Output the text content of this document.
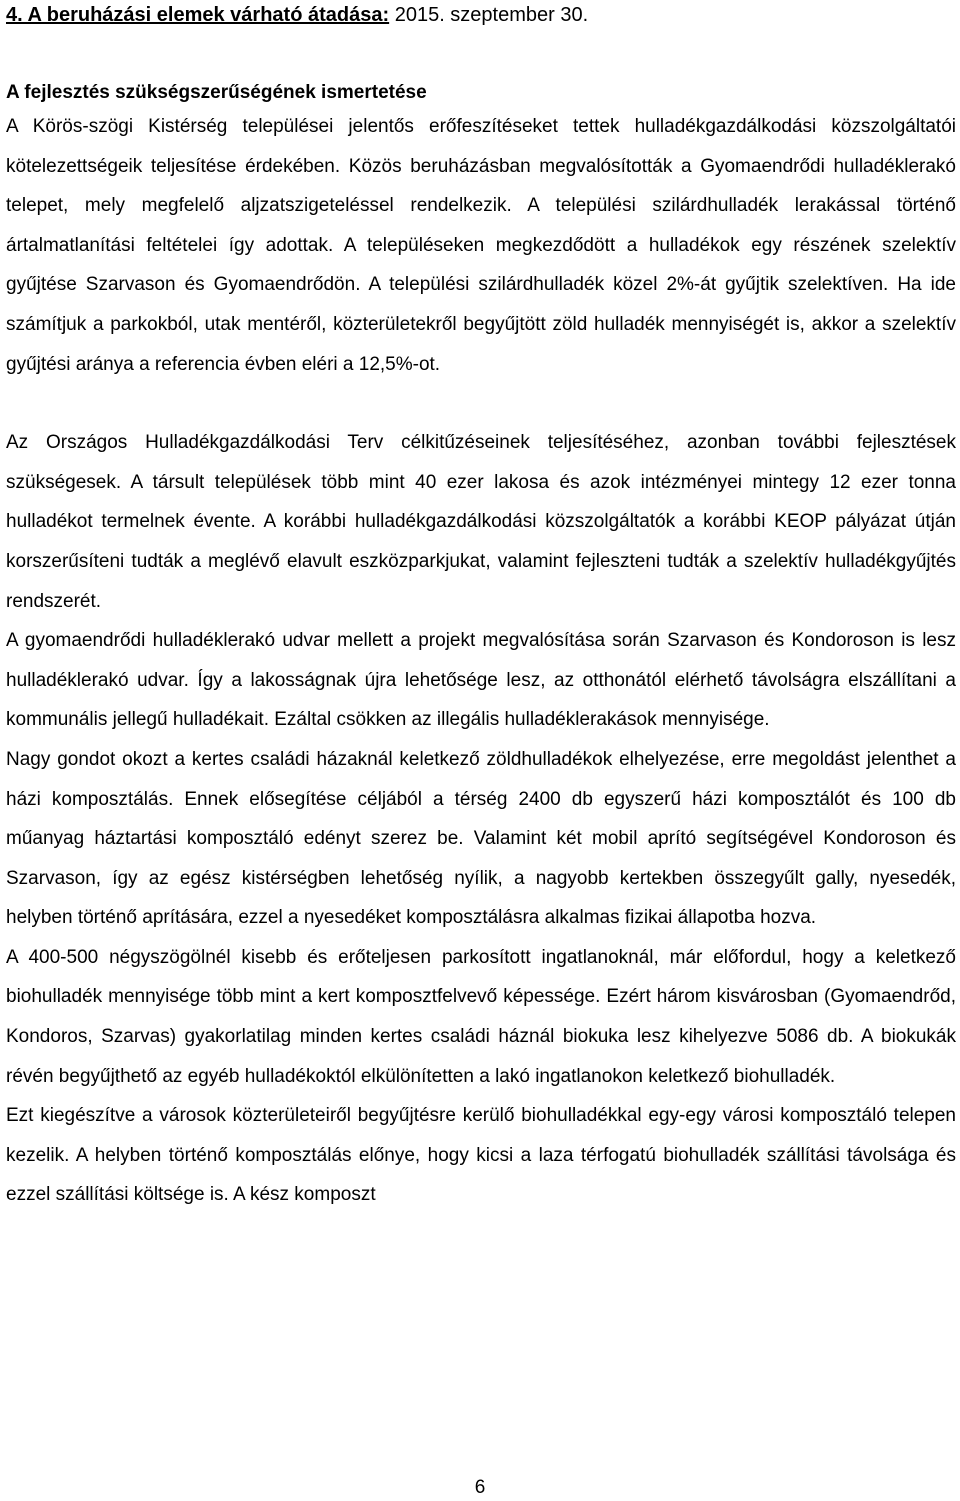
4. A beruházási elemek várható átadása: 2015. szeptember 30.
A fejlesztés szükségszerűségének ismertetése

A Körös-szögi Kistérség települései jelentős erőfeszítéseket tettek hulladékgazdálkodási közszolgáltatói kötelezettségeik teljesítése érdekében. Közös beruházásban megvalósították a Gyomaendrődi hulladéklerakó telepet, mely megfelelő aljzatszigeteléssel rendelkezik. A települési szilárdhulladék lerakással történő ártalmatlanítási feltételei így adottak. A településeken megkezdődött a hulladékok egy részének szelektív gyűjtése Szarvason és Gyomaendrődön. A települési szilárdhulladék közel 2%-át gyűjtik szelektíven. Ha ide számítjuk a parkokból, utak mentéről, közterületekről begyűjtött zöld hulladék mennyiségét is, akkor a szelektív gyűjtési aránya a referencia évben eléri a 12,5%-ot.

Az Országos Hulladékgazdálkodási Terv célkitűzéseinek teljesítéséhez, azonban további fejlesztések szükségesek. A társult települések több mint 40 ezer lakosa és azok intézményei mintegy 12 ezer tonna hulladékot termelnek évente. A korábbi hulladékgazdálkodási közszolgáltatók a korábbi KEOP pályázat útján korszerűsíteni tudták a meglévő elavult eszközparkjukat, valamint fejleszteni tudták a szelektív hulladékgyűjtés rendszerét.

A gyomaendrődi hulladéklerakó udvar mellett a projekt megvalósítása során Szarvason és Kondoroson is lesz hulladéklerakó udvar. Így a lakosságnak újra lehetősége lesz, az otthonától elérhető távolságra elszállítani a kommunális jellegű hulladékait. Ezáltal csökken az illegális hulladéklerakások mennyisége.

Nagy gondot okozt a kertes családi házaknál keletkező zöldhulladékok elhelyezése, erre megoldást jelenthet a házi komposztálás. Ennek elősegítése céljából a térség 2400 db egyszerű házi komposztálót és 100 db műanyag háztartási komposztáló edényt szerez be. Valamint két mobil aprító segítségével Kondoroson és Szarvason, így az egész kistérségben lehetőség nyílik, a nagyobb kertekben összegyűlt gally, nyesedék, helyben történő aprítására, ezzel a nyesedéket komposztálásra alkalmas fizikai állapotba hozva.

A 400-500 négyszögölnél kisebb és erőteljesen parkosított ingatlanoknál, már előfordul, hogy a keletkező biohulladék mennyisége több mint a kert komposztfelvevő képessége. Ezért három kisvárosban (Gyomaendrőd, Kondoros, Szarvas) gyakorlatilag minden kertes családi háznál biokuka lesz kihelyezve 5086 db. A biokukák révén begyűjthető az egyéb hulladékoktól elkülönítetten a lakó ingatlanokon keletkező biohulladék.

Ezt kiegészítve a városok közterületeiről begyűjtésre kerülő biohulladékkal egy-egy városi komposztáló telepen kezelik. A helyben történő komposztálás előnye, hogy kicsi a laza térfogatú biohulladék szállítási távolsága és ezzel szállítási költsége is. A kész komposzt

6
